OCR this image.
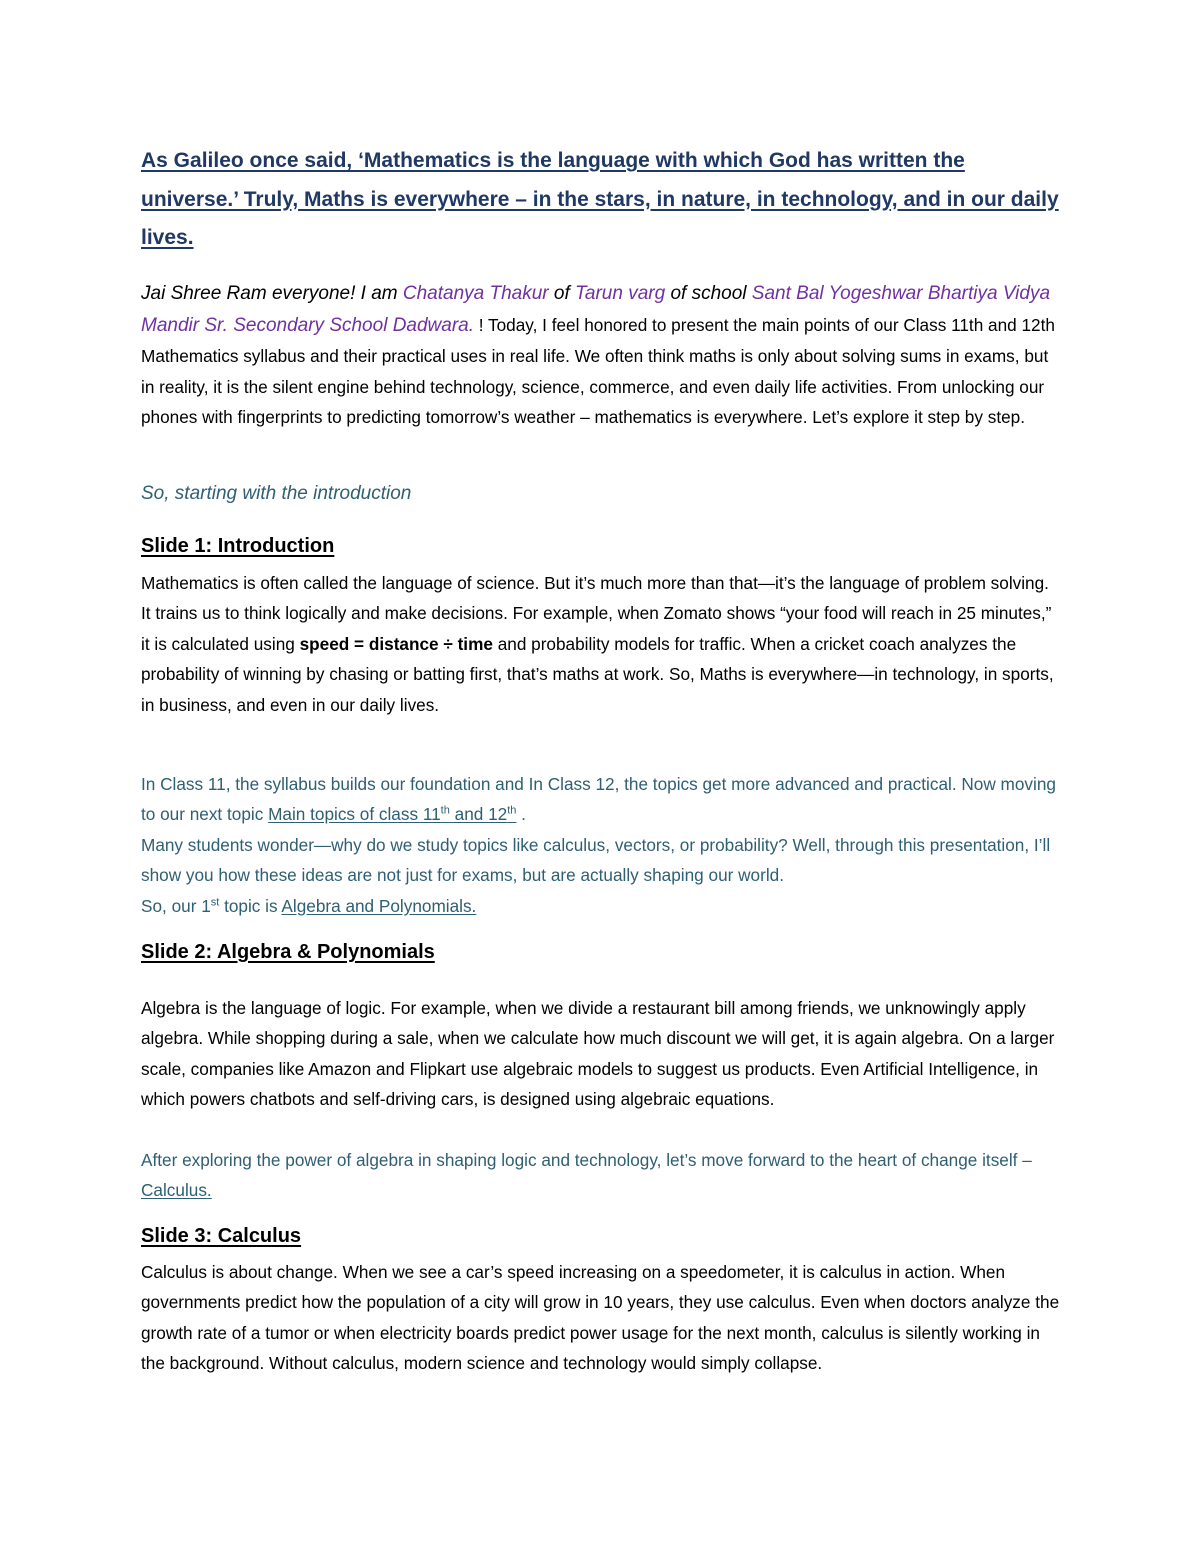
As Galileo once said, ‘Mathematics is the language with which God has written the universe.’ Truly, Maths is everywhere – in the stars, in nature, in technology, and in our daily lives.

Jai Shree Ram everyone! I am Chatanya Thakur of Tarun varg of school Sant Bal Yogeshwar Bhartiya Vidya Mandir Sr. Secondary School Dadwara. ! Today, I feel honored to present the main points of our Class 11th and 12th Mathematics syllabus and their practical uses in real life. We often think maths is only about solving sums in exams, but in reality, it is the silent engine behind technology, science, commerce, and even daily life activities. From unlocking our phones with fingerprints to predicting tomorrow’s weather – mathematics is everywhere. Let’s explore it step by step.

So, starting with the introduction

Slide 1: Introduction

Mathematics is often called the language of science. But it’s much more than that—it’s the language of problem solving. It trains us to think logically and make decisions. For example, when Zomato shows “your food will reach in 25 minutes,” it is calculated using speed = distance ÷ time and probability models for traffic. When a cricket coach analyzes the probability of winning by chasing or batting first, that’s maths at work. So, Maths is everywhere—in technology, in sports, in business, and even in our daily lives.

In Class 11, the syllabus builds our foundation and In Class 12, the topics get more advanced and practical. Now moving to our next topic Main topics of class 11th and 12th .
Many students wonder—why do we study topics like calculus, vectors, or probability? Well, through this presentation, I’ll show you how these ideas are not just for exams, but are actually shaping our world.
So, our 1st topic is Algebra and Polynomials.

Slide 2: Algebra & Polynomials

Algebra is the language of logic. For example, when we divide a restaurant bill among friends, we unknowingly apply algebra. While shopping during a sale, when we calculate how much discount we will get, it is again algebra. On a larger scale, companies like Amazon and Flipkart use algebraic models to suggest us products. Even Artificial Intelligence, in which powers chatbots and self-driving cars, is designed using algebraic equations.

After exploring the power of algebra in shaping logic and technology, let’s move forward to the heart of change itself – Calculus.

Slide 3: Calculus

Calculus is about change. When we see a car’s speed increasing on a speedometer, it is calculus in action. When governments predict how the population of a city will grow in 10 years, they use calculus. Even when doctors analyze the growth rate of a tumor or when electricity boards predict power usage for the next month, calculus is silently working in the background. Without calculus, modern science and technology would simply collapse.
